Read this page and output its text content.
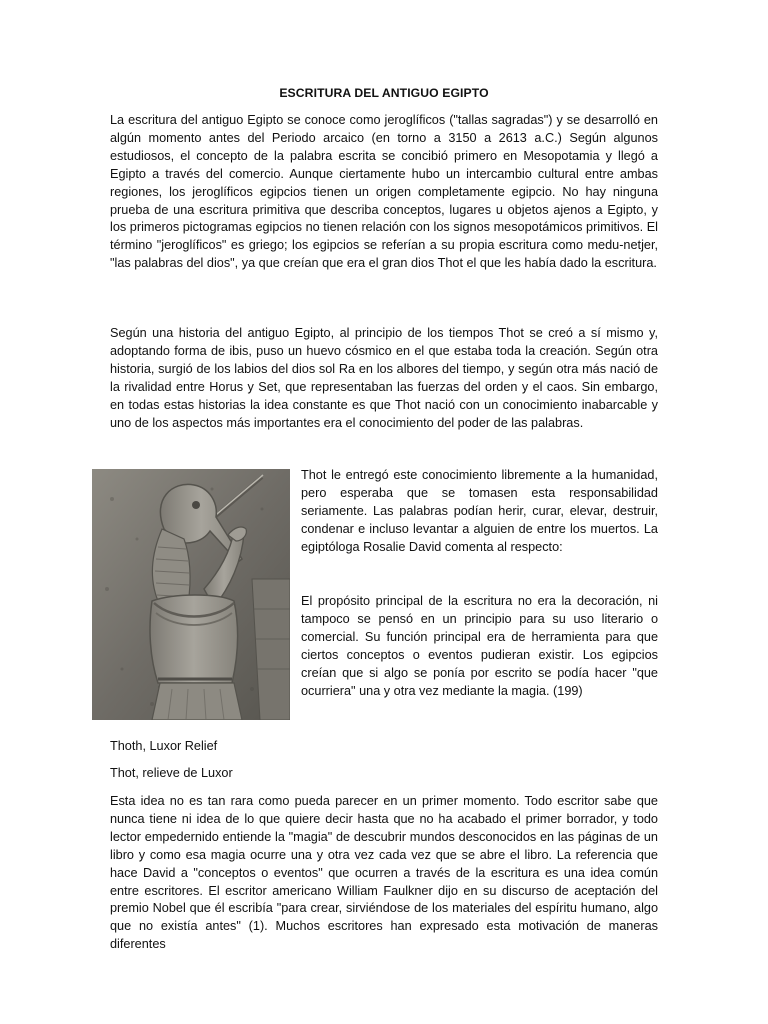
ESCRITURA DEL ANTIGUO EGIPTO

La escritura del antiguo Egipto se conoce como jeroglíficos ("tallas sagradas") y se desarrolló en algún momento antes del Periodo arcaico (en torno a 3150 a 2613 a.C.) Según algunos estudiosos, el concepto de la palabra escrita se concibió primero en Mesopotamia y llegó a Egipto a través del comercio. Aunque ciertamente hubo un intercambio cultural entre ambas regiones, los jeroglíficos egipcios tienen un origen completamente egipcio. No hay ninguna prueba de una escritura primitiva que describa conceptos, lugares u objetos ajenos a Egipto, y los primeros pictogramas egipcios no tienen relación con los signos mesopotámicos primitivos. El término "jeroglíficos" es griego; los egipcios se referían a su propia escritura como medu-netjer, "las palabras del dios", ya que creían que era el gran dios Thot el que les había dado la escritura.

Según una historia del antiguo Egipto, al principio de los tiempos Thot se creó a sí mismo y, adoptando forma de ibis, puso un huevo cósmico en el que estaba toda la creación. Según otra historia, surgió de los labios del dios sol Ra en los albores del tiempo, y según otra más nació de la rivalidad entre Horus y Set, que representaban las fuerzas del orden y el caos. Sin embargo, en todas estas historias la idea constante es que Thot nació con un conocimiento inabarcable y uno de los aspectos más importantes era el conocimiento del poder de las palabras.

Thot le entregó este conocimiento libremente a la humanidad, pero esperaba que se tomasen esta responsabilidad seriamente. Las palabras podían herir, curar, elevar, destruir, condenar e incluso levantar a alguien de entre los muertos. La egiptóloga Rosalie David comenta al respecto:

El propósito principal de la escritura no era la decoración, ni tampoco se pensó en un principio para su uso literario o comercial. Su función principal era de herramienta para que ciertos conceptos o eventos pudieran existir. Los egipcios creían que si algo se ponía por escrito se podía hacer "que ocurriera" una y otra vez mediante la magia. (199)

Thoth, Luxor Relief

Thot, relieve de Luxor

Esta idea no es tan rara como pueda parecer en un primer momento. Todo escritor sabe que nunca tiene ni idea de lo que quiere decir hasta que no ha acabado el primer borrador, y todo lector empedernido entiende la "magia" de descubrir mundos desconocidos en las páginas de un libro y como esa magia ocurre una y otra vez cada vez que se abre el libro. La referencia que hace David a "conceptos o eventos" que ocurren a través de la escritura es una idea común entre escritores. El escritor americano William Faulkner dijo en su discurso de aceptación del premio Nobel que él escribía "para crear, sirviéndose de los materiales del espíritu humano, algo que no existía antes" (1). Muchos escritores han expresado esta motivación de maneras diferentes
